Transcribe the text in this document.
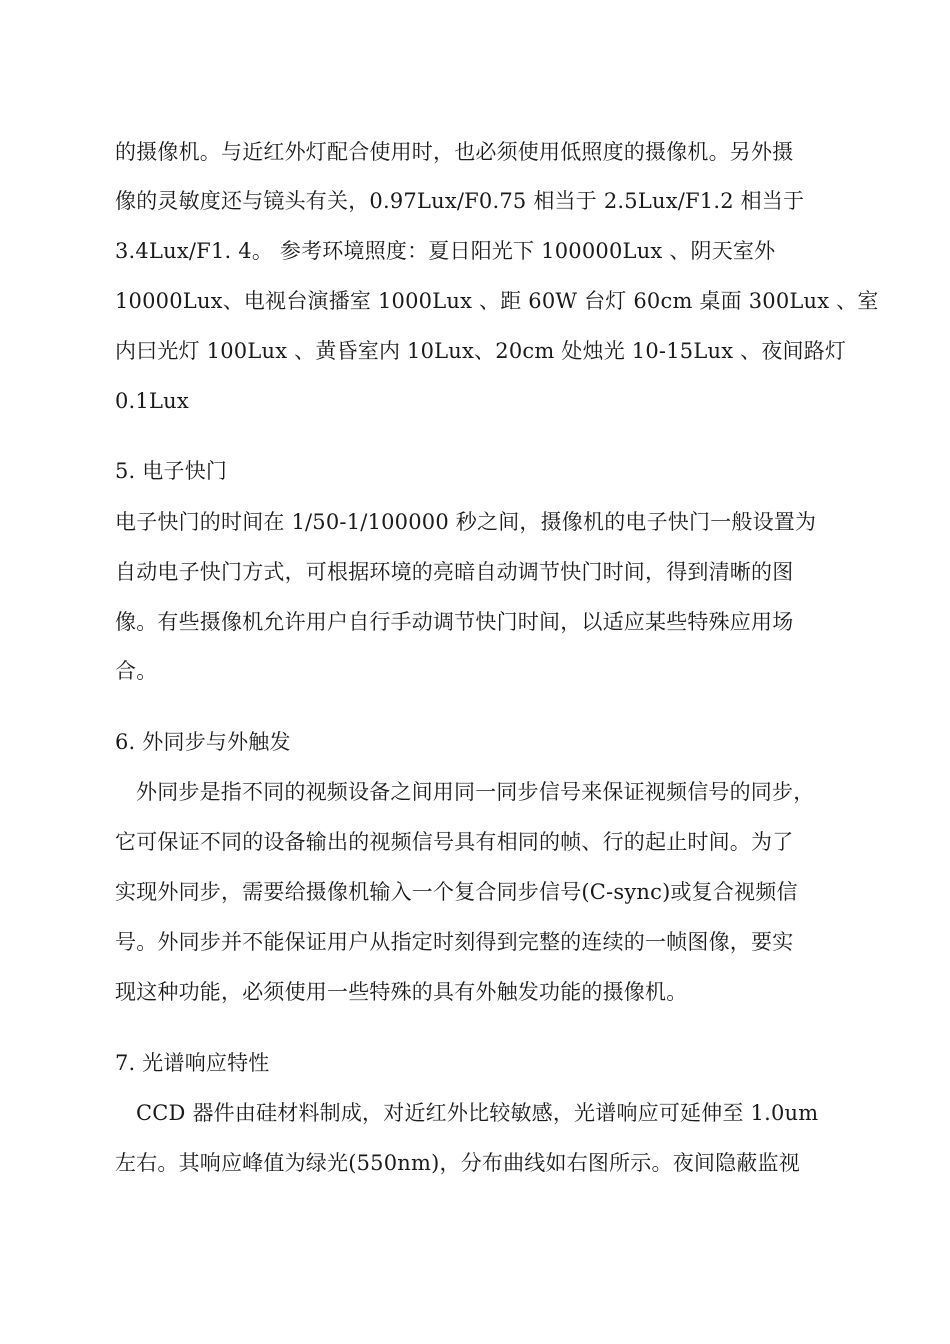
的摄像机。与近红外灯配合使用时，也必须使用低照度的摄像机。另外摄
像的灵敏度还与镜头有关，0.97Lux/F0.75 相当于 2.5Lux/F1.2 相当于
3.4Lux/F1. 4。 参考环境照度：夏日阳光下 100000Lux 、阴天室外
10000Lux、电视台演播室 1000Lux 、距 60W 台灯 60cm 桌面 300Lux 、室
内曰光灯 100Lux 、黄昏室内 10Lux、20cm 处烛光 10-15Lux 、夜间路灯
0.1Lux
5. 电子快门
电子快门的时间在 1/50-1/100000 秒之间，摄像机的电子快门一般设置为
自动电子快门方式，可根据环境的亮暗自动调节快门时间，得到清晰的图
像。有些摄像机允许用户自行手动调节快门时间，以适应某些特殊应用场
合。
6. 外同步与外触发
外同步是指不同的视频设备之间用同一同步信号来保证视频信号的同步，
它可保证不同的设备输出的视频信号具有相同的帧、行的起止时间。为了
实现外同步，需要给摄像机输入一个复合同步信号(C-sync)或复合视频信
号。外同步并不能保证用户从指定时刻得到完整的连续的一帧图像，要实
现这种功能，必须使用一些特殊的具有外触发功能的摄像机。
7. 光谱响应特性
CCD 器件由硅材料制成，对近红外比较敏感，光谱响应可延伸至 1.0um
左右。其响应峰值为绿光(550nm)，分布曲线如右图所示。夜间隐蔽监视
